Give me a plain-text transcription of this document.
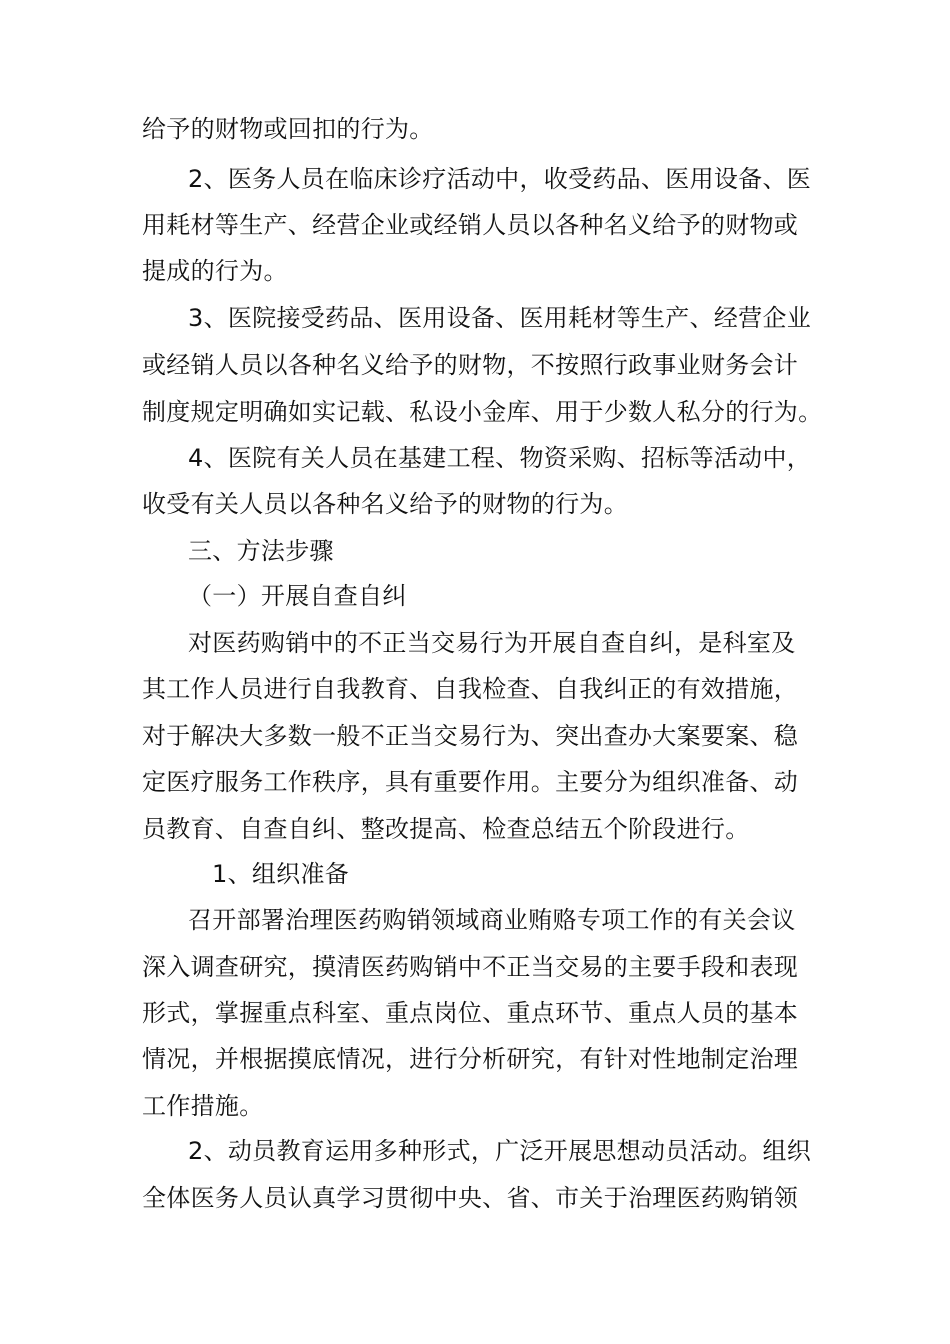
给予的财物或回扣的行为。
2、医务人员在临床诊疗活动中，收受药品、医用设备、医
用耗材等生产、经营企业或经销人员以各种名义给予的财物或
提成的行为。
3、医院接受药品、医用设备、医用耗材等生产、经营企业
或经销人员以各种名义给予的财物，不按照行政事业财务会计
制度规定明确如实记载、私设小金库、用于少数人私分的行为。
4、医院有关人员在基建工程、物资采购、招标等活动中，
收受有关人员以各种名义给予的财物的行为。
三、方法步骤
（一）开展自查自纠
对医药购销中的不正当交易行为开展自查自纠，是科室及
其工作人员进行自我教育、自我检查、自我纠正的有效措施，
对于解决大多数一般不正当交易行为、突出查办大案要案、稳
定医疗服务工作秩序，具有重要作用。主要分为组织准备、动
员教育、自查自纠、整改提高、检查总结五个阶段进行。
1、组织准备
召开部署治理医药购销领域商业贿赂专项工作的有关会议
深入调查研究，摸清医药购销中不正当交易的主要手段和表现
形式，掌握重点科室、重点岗位、重点环节、重点人员的基本
情况，并根据摸底情况，进行分析研究，有针对性地制定治理
工作措施。
2、动员教育运用多种形式，广泛开展思想动员活动。组织
全体医务人员认真学习贯彻中央、省、市关于治理医药购销领
